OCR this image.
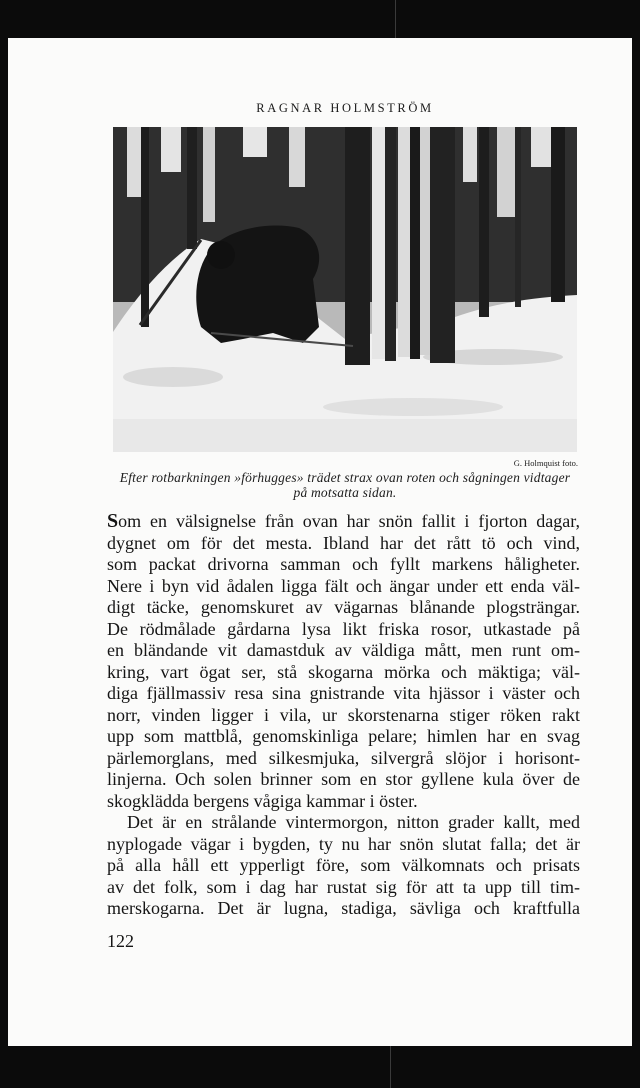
RAGNAR HOLMSTRÖM
G. Holmquist foto.
Efter rotbarkningen »förhugges» trädet strax ovan roten och sågningen vidtager
på motsatta sidan.
Som en välsignelse från ovan har snön fallit i fjorton dagar,
dygnet om för det mesta. Ibland har det rått tö och vind,
som packat drivorna samman och fyllt markens håligheter.
Nere i byn vid ådalen ligga fält och ängar under ett enda väl-
digt täcke, genomskuret av vägarnas blånande plogsträngar.
De rödmålade gårdarna lysa likt friska rosor, utkastade på
en bländande vit damastduk av väldiga mått, men runt om-
kring, vart ögat ser, stå skogarna mörka och mäktiga; väl-
diga fjällmassiv resa sina gnistrande vita hjässor i väster och
norr, vinden ligger i vila, ur skorstenarna stiger röken rakt
upp som mattblå, genomskinliga pelare; himlen har en svag
pärlemorglans, med silkesmjuka, silvergrå slöjor i horisont-
linjerna. Och solen brinner som en stor gyllene kula över de
skogklädda bergens vågiga kammar i öster.
Det är en strålande vintermorgon, nitton grader kallt, med
nyplogade vägar i bygden, ty nu har snön slutat falla; det är
på alla håll ett ypperligt före, som välkomnats och prisats
av det folk, som i dag har rustat sig för att ta upp till tim-
merskogarna. Det är lugna, stadiga, sävliga och kraftfulla
122
